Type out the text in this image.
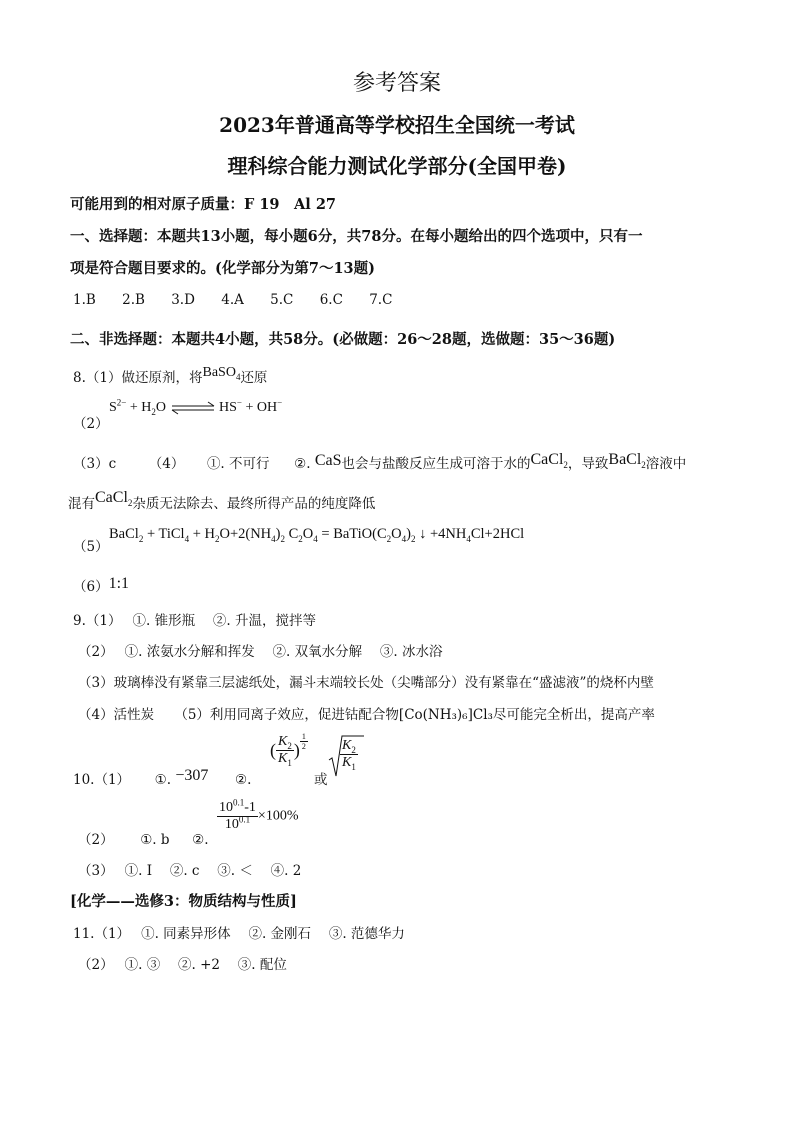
参考答案
2023年普通高等学校招生全国统一考试
理科综合能力测试化学部分(全国甲卷)
可能用到的相对原子质量：F 19　Al 27
一、选择题：本题共13小题，每小题6分，共78分。在每小题给出的四个选项中，只有一
项是符合题目要求的。(化学部分为第7～13题)
1.B 2.B 3.D 4.A 5.C 6.C 7.C
二、非选择题：本题共4小题，共58分。(必做题：26～28题，选做题：35～36题)
8.（1）做还原剂，将BaSO$_4$还原
（2）
$S^{2-} + H_2O$ ⇌ HS− + OH−
（3）c （4） ①. 不可行 ②. CaS也会与盐酸反应生成可溶于水的CaCl$_2$，导致BaCl$_2$溶液中
混有CaCl$_2$杂质无法除去、最终所得产品的纯度降低
（5）
BaCl$_2$ + TiCl$_4$ + $H_2O+2(NH_4)_2$ $C_2O_4$ = $BaTiO(C_2O_4)_2$ ↓ $+4NH_4Cl+2HCl$
（6）1:1
9.（1）　 ①. 锥形瓶　 ②. 升温，搅拌等
（2）　 ①. 浓氨水分解和挥发　 ②. 双氧水分解　 ③. 冰水浴
（3）玻璃棒没有紧靠三层滤纸处，漏斗末端较长处（尖嘴部分）没有紧靠在“盛滤液”的烧杯内壁
（4）活性炭　　（5）利用同离子效应，促进钴配合物[Co(NH₃)₆]Cl₃尽可能完全析出，提高产率
10.（1） ①. −307 ②.
( $\frac{K_2}{K_1}$ ) $\frac{1}{2}$
或
$\frac{K_2}{K_1}$
（2） ①. b ②.
$\frac{10^{0.1}-1}{10^{0.1}} \times 100\%$
（3）　 ①. Ⅰ　 ②. c　 ③. ＜　 ④. 2
[化学——选修3：物质结构与性质]
11.（1）　 ①. 同素异形体　 ②. 金刚石　 ③. 范德华力
（2）　 ①. ③　 ②. +2　 ③. 配位
